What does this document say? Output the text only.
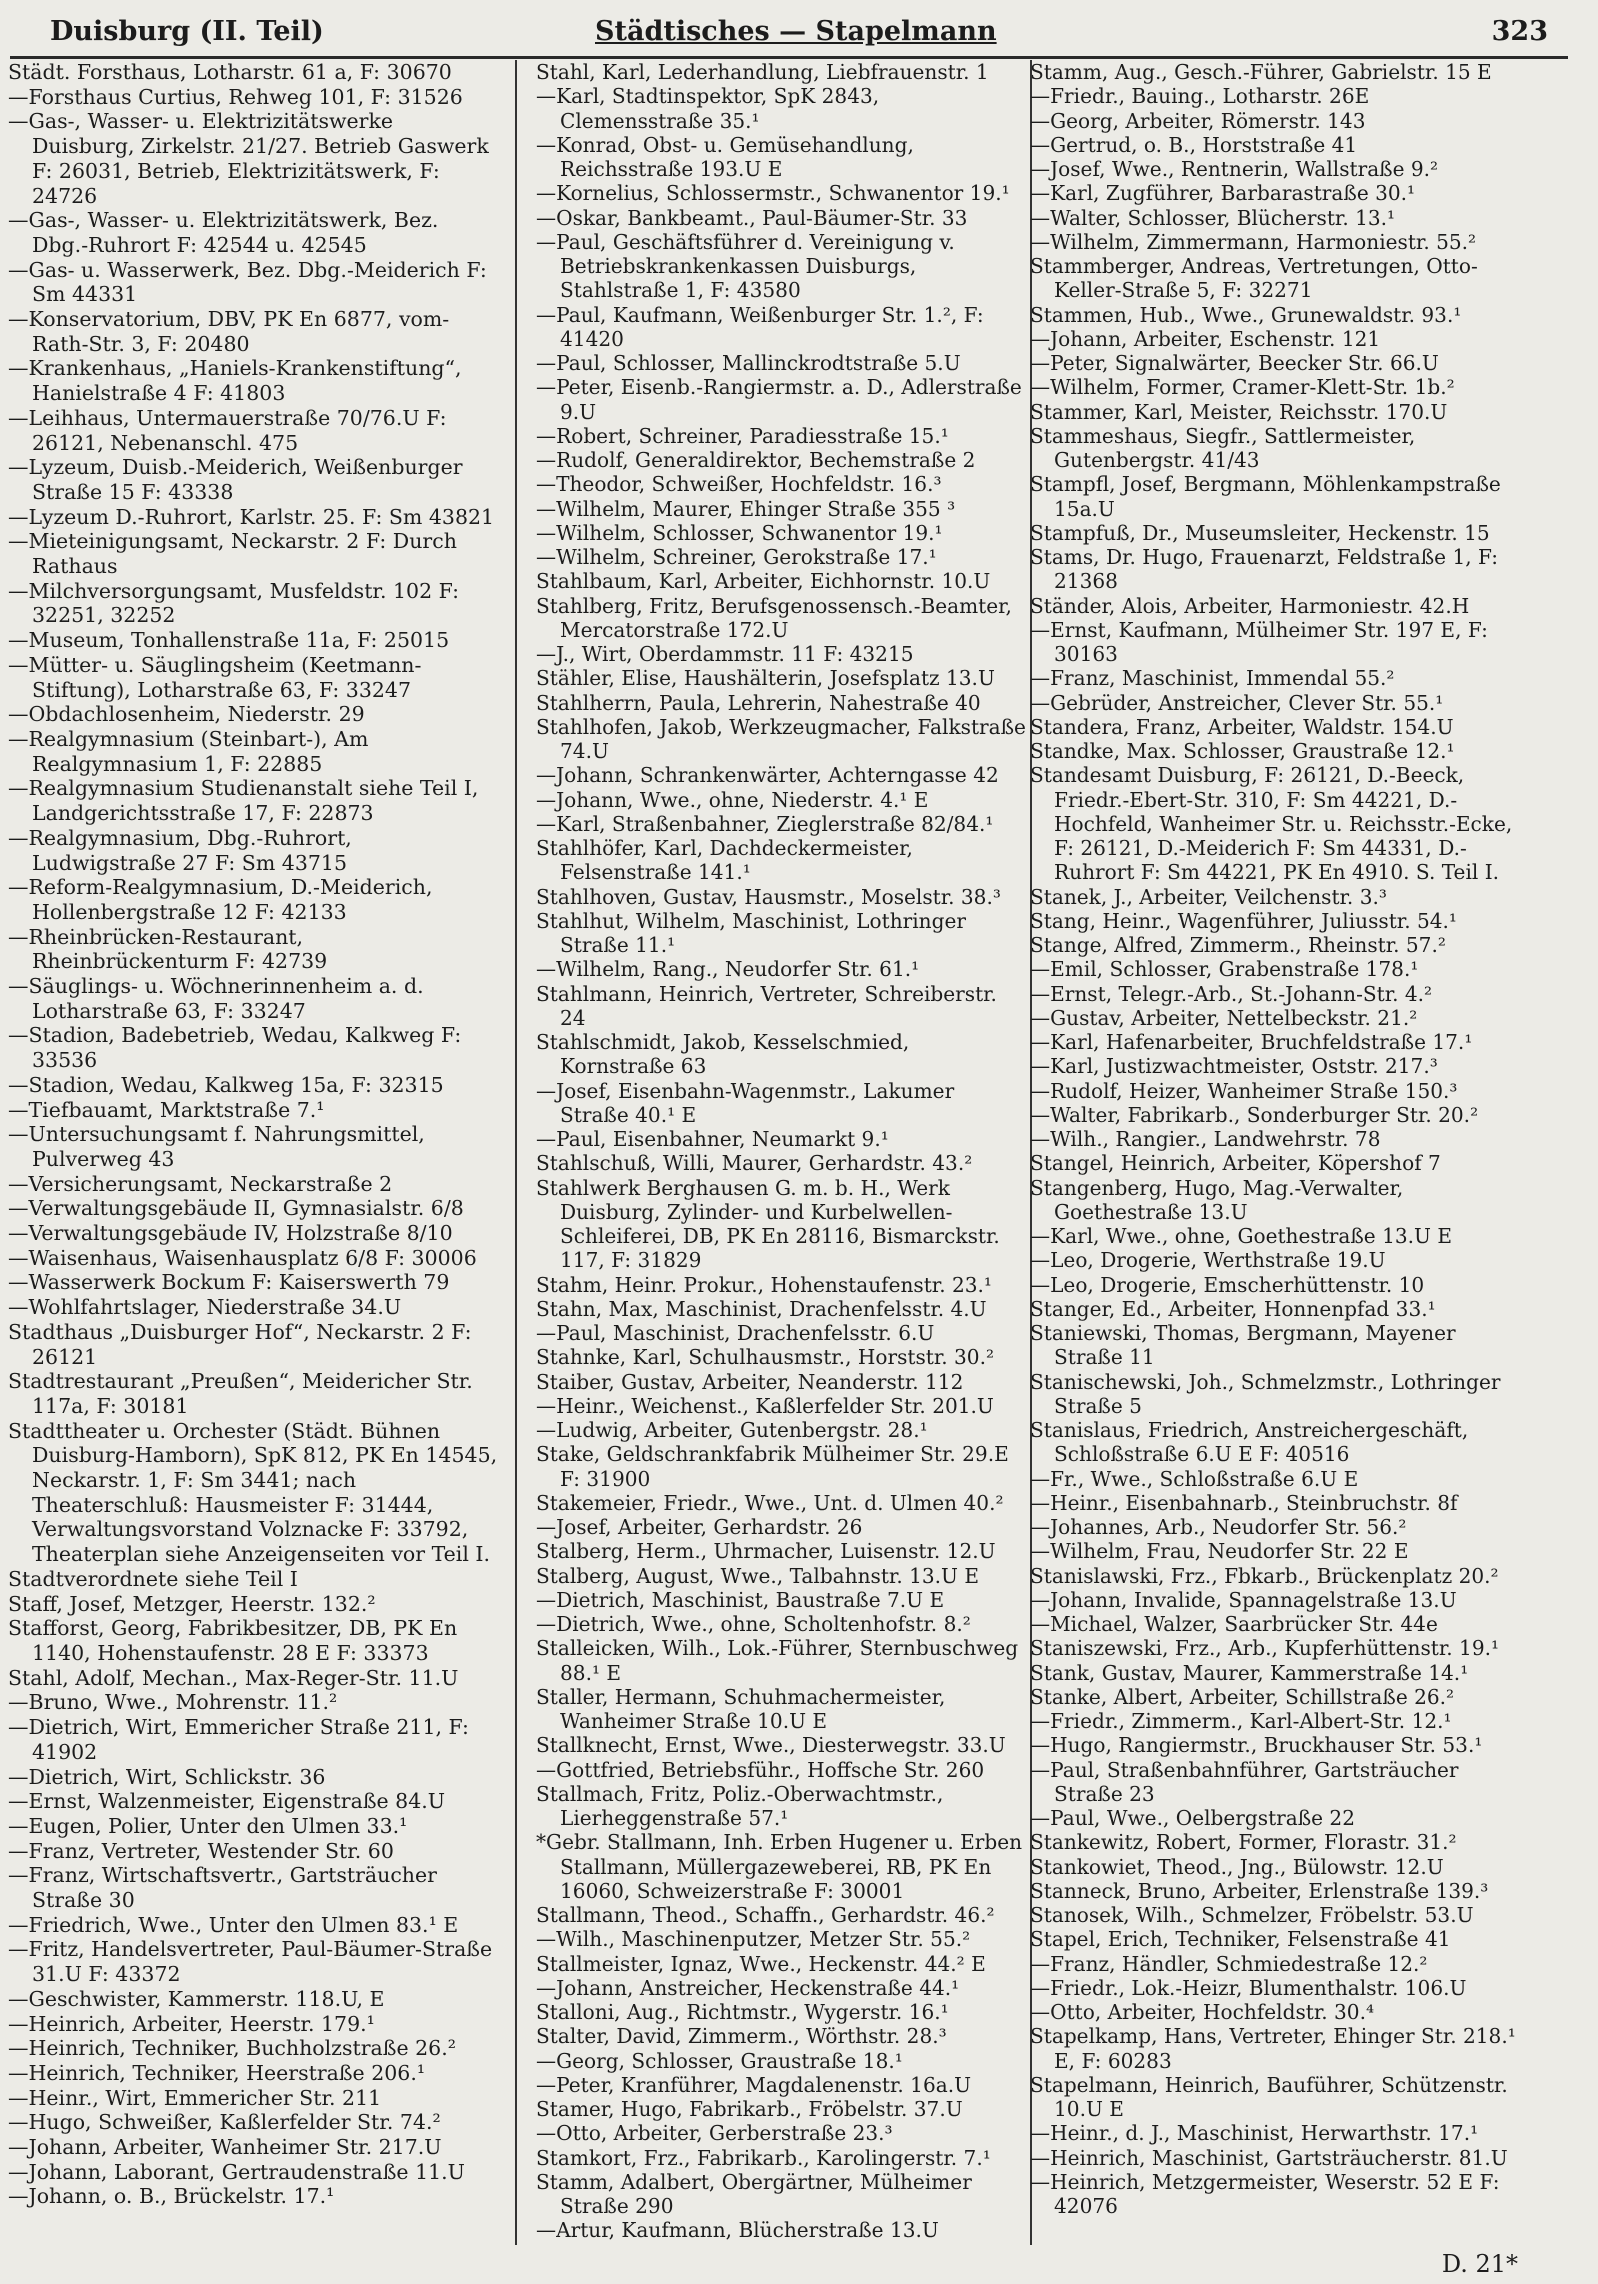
Duisburg (II. Teil)	Städtisches — Stapelmann	323
Städt. Forsthaus, Lotharstr. 61 a, F: 30670
—Forsthaus Curtius, Rehweg 101, F: 31526
—Gas-, Wasser- u. Elektrizitätswerke Duisburg, Zirkelstr. 21/27. Betrieb Gaswerk F: 26031, Betrieb, Elektrizitätswerk, F: 24726
—Gas-, Wasser- u. Elektrizitätswerk, Bez. Dbg.-Ruhrort F: 42544 u. 42545
—Gas- u. Wasserwerk, Bez. Dbg.-Meiderich F: Sm 44331
—Konservatorium, DBV, PK En 6877, vom-Rath-Str. 3, F: 20480
—Krankenhaus, „Haniels-Krankenstiftung“, Hanielstraße 4 F: 41803
—Leihhaus, Untermauerstraße 70/76.U F: 26121, Nebenanschl. 475
—Lyzeum, Duisb.-Meiderich, Weißenburger Straße 15 F: 43338
—Lyzeum D.-Ruhrort, Karlstr. 25. F: Sm 43821
—Mieteinigungsamt, Neckarstr. 2 F: Durch Rathaus
—Milchversorgungsamt, Musfeldstr. 102 F: 32251, 32252
—Museum, Tonhallenstraße 11a, F: 25015
—Mütter- u. Säuglingsheim (Keetmann-Stiftung), Lotharstraße 63, F: 33247
—Obdachlosenheim, Niederstr. 29
—Realgymnasium (Steinbart-), Am Realgymnasium 1, F: 22885
—Realgymnasium Studienanstalt siehe Teil I, Landgerichtsstraße 17, F: 22873
—Realgymnasium, Dbg.-Ruhrort, Ludwigstraße 27 F: Sm 43715
—Reform-Realgymnasium, D.-Meiderich, Hollenbergstraße 12 F: 42133
—Rheinbrücken-Restaurant, Rheinbrückenturm F: 42739
—Säuglings- u. Wöchnerinnenheim a. d. Lotharstraße 63, F: 33247
—Stadion, Badebetrieb, Wedau, Kalkweg F: 33536
—Stadion, Wedau, Kalkweg 15a, F: 32315
—Tiefbauamt, Marktstraße 7.¹
—Untersuchungsamt f. Nahrungsmittel, Pulverweg 43
—Versicherungsamt, Neckarstraße 2
—Verwaltungsgebäude II, Gymnasialstr. 6/8
—Verwaltungsgebäude IV, Holzstraße 8/10
—Waisenhaus, Waisenhausplatz 6/8 F: 30006
—Wasserwerk Bockum F: Kaiserswerth 79
—Wohlfahrtslager, Niederstraße 34.U
Stadthaus „Duisburger Hof“, Neckarstr. 2 F: 26121
Stadtrestaurant „Preußen“, Meidericher Str. 117a, F: 30181
Stadttheater u. Orchester (Städt. Bühnen Duisburg-Hamborn), SpK 812, PK En 14545, Neckarstr. 1, F: Sm 3441; nach Theaterschluß: Hausmeister F: 31444, Verwaltungsvorstand Volznacke F: 33792, Theaterplan siehe Anzeigenseiten vor Teil I.
Stadtverordnete siehe Teil I
Staff, Josef, Metzger, Heerstr. 132.²
Stafforst, Georg, Fabrikbesitzer, DB, PK En 1140, Hohenstaufenstr. 28 E F: 33373
Stahl, Adolf, Mechan., Max-Reger-Str. 11.U
—Bruno, Wwe., Mohrenstr. 11.²
—Dietrich, Wirt, Emmericher Straße 211, F: 41902
—Dietrich, Wirt, Schlickstr. 36
—Ernst, Walzenmeister, Eigenstraße 84.U
—Eugen, Polier, Unter den Ulmen 33.¹
—Franz, Vertreter, Westender Str. 60
—Franz, Wirtschaftsvertr., Gartsträucher Straße 30
—Friedrich, Wwe., Unter den Ulmen 83.¹ E
—Fritz, Handelsvertreter, Paul-Bäumer-Straße 31.U F: 43372
—Geschwister, Kammerstr. 118.U, E
—Heinrich, Arbeiter, Heerstr. 179.¹
—Heinrich, Techniker, Buchholzstraße 26.²
—Heinrich, Techniker, Heerstraße 206.¹
—Heinr., Wirt, Emmericher Str. 211
—Hugo, Schweißer, Kaßlerfelder Str. 74.²
—Johann, Arbeiter, Wanheimer Str. 217.U
—Johann, Laborant, Gertraudenstraße 11.U
—Johann, o. B., Brückelstr. 17.¹
Stahl, Karl, Lederhandlung, Liebfrauenstr. 1
—Karl, Stadtinspektor, SpK 2843, Clemensstraße 35.¹
—Konrad, Obst- u. Gemüsehandlung, Reichsstraße 193.U E
—Kornelius, Schlossermstr., Schwanentor 19.¹
—Oskar, Bankbeamt., Paul-Bäumer-Str. 33
—Paul, Geschäftsführer d. Vereinigung v. Betriebskrankenkassen Duisburgs, Stahlstraße 1, F: 43580
—Paul, Kaufmann, Weißenburger Str. 1.², F: 41420
—Paul, Schlosser, Mallinckrodtstraße 5.U
—Peter, Eisenb.-Rangiermstr. a. D., Adlerstraße 9.U
—Robert, Schreiner, Paradiesstraße 15.¹
—Rudolf, Generaldirektor, Bechemstraße 2
—Theodor, Schweißer, Hochfeldstr. 16.³
—Wilhelm, Maurer, Ehinger Straße 355 ³
—Wilhelm, Schlosser, Schwanentor 19.¹
—Wilhelm, Schreiner, Gerokstraße 17.¹
Stahlbaum, Karl, Arbeiter, Eichhornstr. 10.U
Stahlberg, Fritz, Berufsgenossensch.-Beamter, Mercatorstraße 172.U
—J., Wirt, Oberdammstr. 11 F: 43215
Stähler, Elise, Haushälterin, Josefsplatz 13.U
Stahlherrn, Paula, Lehrerin, Nahestraße 40
Stahlhofen, Jakob, Werkzeugmacher, Falkstraße 74.U
—Johann, Schrankenwärter, Achterngasse 42
—Johann, Wwe., ohne, Niederstr. 4.¹ E
—Karl, Straßenbahner, Zieglerstraße 82/84.¹
Stahlhöfer, Karl, Dachdeckermeister, Felsenstraße 141.¹
Stahlhoven, Gustav, Hausmstr., Moselstr. 38.³
Stahlhut, Wilhelm, Maschinist, Lothringer Straße 11.¹
—Wilhelm, Rang., Neudorfer Str. 61.¹
Stahlmann, Heinrich, Vertreter, Schreiberstr. 24
Stahlschmidt, Jakob, Kesselschmied, Kornstraße 63
—Josef, Eisenbahn-Wagenmstr., Lakumer Straße 40.¹ E
—Paul, Eisenbahner, Neumarkt 9.¹
Stahlschuß, Willi, Maurer, Gerhardstr. 43.²
Stahlwerk Berghausen G. m. b. H., Werk Duisburg, Zylinder- und Kurbelwellen-Schleiferei, DB, PK En 28116, Bismarckstr. 117, F: 31829
Stahm, Heinr. Prokur., Hohenstaufenstr. 23.¹
Stahn, Max, Maschinist, Drachenfelsstr. 4.U
—Paul, Maschinist, Drachenfelsstr. 6.U
Stahnke, Karl, Schulhausmstr., Horststr. 30.²
Staiber, Gustav, Arbeiter, Neanderstr. 112
—Heinr., Weichenst., Kaßlerfelder Str. 201.U
—Ludwig, Arbeiter, Gutenbergstr. 28.¹
Stake, Geldschrankfabrik Mülheimer Str. 29.E F: 31900
Stakemeier, Friedr., Wwe., Unt. d. Ulmen 40.²
—Josef, Arbeiter, Gerhardstr. 26
Stalberg, Herm., Uhrmacher, Luisenstr. 12.U
Stalberg, August, Wwe., Talbahnstr. 13.U E
—Dietrich, Maschinist, Baustraße 7.U E
—Dietrich, Wwe., ohne, Scholtenhofstr. 8.²
Stalleicken, Wilh., Lok.-Führer, Sternbuschweg 88.¹ E
Staller, Hermann, Schuhmachermeister, Wanheimer Straße 10.U E
Stallknecht, Ernst, Wwe., Diesterwegstr. 33.U
—Gottfried, Betriebsführ., Hoffsche Str. 260
Stallmach, Fritz, Poliz.-Oberwachtmstr., Lierheggenstraße 57.¹
*Gebr. Stallmann, Inh. Erben Hugener u. Erben Stallmann, Müllergazeweberei, RB, PK En 16060, Schweizerstraße F: 30001
Stallmann, Theod., Schaffn., Gerhardstr. 46.²
—Wilh., Maschinenputzer, Metzer Str. 55.²
Stallmeister, Ignaz, Wwe., Heckenstr. 44.² E
—Johann, Anstreicher, Heckenstraße 44.¹
Stalloni, Aug., Richtmstr., Wygerstr. 16.¹
Stalter, David, Zimmerm., Wörthstr. 28.³
—Georg, Schlosser, Graustraße 18.¹
—Peter, Kranführer, Magdalenenstr. 16a.U
Stamer, Hugo, Fabrikarb., Fröbelstr. 37.U
—Otto, Arbeiter, Gerberstraße 23.³
Stamkort, Frz., Fabrikarb., Karolingerstr. 7.¹
Stamm, Adalbert, Obergärtner, Mülheimer Straße 290
—Artur, Kaufmann, Blücherstraße 13.U
Stamm, Aug., Gesch.-Führer, Gabrielstr. 15 E
—Friedr., Bauing., Lotharstr. 26E
—Georg, Arbeiter, Römerstr. 143
—Gertrud, o. B., Horststraße 41
—Josef, Wwe., Rentnerin, Wallstraße 9.²
—Karl, Zugführer, Barbarastraße 30.¹
—Walter, Schlosser, Blücherstr. 13.¹
—Wilhelm, Zimmermann, Harmoniestr. 55.²
Stammberger, Andreas, Vertretungen, Otto-Keller-Straße 5, F: 32271
Stammen, Hub., Wwe., Grunewaldstr. 93.¹
—Johann, Arbeiter, Eschenstr. 121
—Peter, Signalwärter, Beecker Str. 66.U
—Wilhelm, Former, Cramer-Klett-Str. 1b.²
Stammer, Karl, Meister, Reichsstr. 170.U
Stammeshaus, Siegfr., Sattlermeister, Gutenbergstr. 41/43
Stampfl, Josef, Bergmann, Möhlenkampstraße 15a.U
Stampfuß, Dr., Museumsleiter, Heckenstr. 15
Stams, Dr. Hugo, Frauenarzt, Feldstraße 1, F: 21368
Ständer, Alois, Arbeiter, Harmoniestr. 42.H
—Ernst, Kaufmann, Mülheimer Str. 197 E, F: 30163
—Franz, Maschinist, Immendal 55.²
—Gebrüder, Anstreicher, Clever Str. 55.¹
Standera, Franz, Arbeiter, Waldstr. 154.U
Standke, Max. Schlosser, Graustraße 12.¹
Standesamt Duisburg, F: 26121, D.-Beeck, Friedr.-Ebert-Str. 310, F: Sm 44221, D.-Hochfeld, Wanheimer Str. u. Reichsstr.-Ecke, F: 26121, D.-Meiderich F: Sm 44331, D.-Ruhrort F: Sm 44221, PK En 4910. S. Teil I.
Stanek, J., Arbeiter, Veilchenstr. 3.³
Stang, Heinr., Wagenführer, Juliusstr. 54.¹
Stange, Alfred, Zimmerm., Rheinstr. 57.²
—Emil, Schlosser, Grabenstraße 178.¹
—Ernst, Telegr.-Arb., St.-Johann-Str. 4.²
—Gustav, Arbeiter, Nettelbeckstr. 21.²
—Karl, Hafenarbeiter, Bruchfeldstraße 17.¹
—Karl, Justizwachtmeister, Oststr. 217.³
—Rudolf, Heizer, Wanheimer Straße 150.³
—Walter, Fabrikarb., Sonderburger Str. 20.²
—Wilh., Rangier., Landwehrstr. 78
Stangel, Heinrich, Arbeiter, Köpershof 7
Stangenberg, Hugo, Mag.-Verwalter, Goethestraße 13.U
—Karl, Wwe., ohne, Goethestraße 13.U E
—Leo, Drogerie, Werthstraße 19.U
—Leo, Drogerie, Emscherhüttenstr. 10
Stanger, Ed., Arbeiter, Honnenpfad 33.¹
Staniewski, Thomas, Bergmann, Mayener Straße 11
Stanischewski, Joh., Schmelzmstr., Lothringer Straße 5
Stanislaus, Friedrich, Anstreichergeschäft, Schloßstraße 6.U E F: 40516
—Fr., Wwe., Schloßstraße 6.U E
—Heinr., Eisenbahnarb., Steinbruchstr. 8f
—Johannes, Arb., Neudorfer Str. 56.²
—Wilhelm, Frau, Neudorfer Str. 22 E
Stanislawski, Frz., Fbkarb., Brückenplatz 20.²
—Johann, Invalide, Spannagelstraße 13.U
—Michael, Walzer, Saarbrücker Str. 44e
Staniszewski, Frz., Arb., Kupferhüttenstr. 19.¹
Stank, Gustav, Maurer, Kammerstraße 14.¹
Stanke, Albert, Arbeiter, Schillstraße 26.²
—Friedr., Zimmerm., Karl-Albert-Str. 12.¹
—Hugo, Rangiermstr., Bruckhauser Str. 53.¹
—Paul, Straßenbahnführer, Gartsträucher Straße 23
—Paul, Wwe., Oelbergstraße 22
Stankewitz, Robert, Former, Florastr. 31.²
Stankowiet, Theod., Jng., Bülowstr. 12.U
Stanneck, Bruno, Arbeiter, Erlenstraße 139.³
Stanosek, Wilh., Schmelzer, Fröbelstr. 53.U
Stapel, Erich, Techniker, Felsenstraße 41
—Franz, Händler, Schmiedestraße 12.²
—Friedr., Lok.-Heizr, Blumenthalstr. 106.U
—Otto, Arbeiter, Hochfeldstr. 30.⁴
Stapelkamp, Hans, Vertreter, Ehinger Str. 218.¹ E, F: 60283
Stapelmann, Heinrich, Bauführer, Schützenstr. 10.U E
—Heinr., d. J., Maschinist, Herwarthstr. 17.¹
—Heinrich, Maschinist, Gartsträucherstr. 81.U
—Heinrich, Metzgermeister, Weserstr. 52 E F: 42076
D. 21*
